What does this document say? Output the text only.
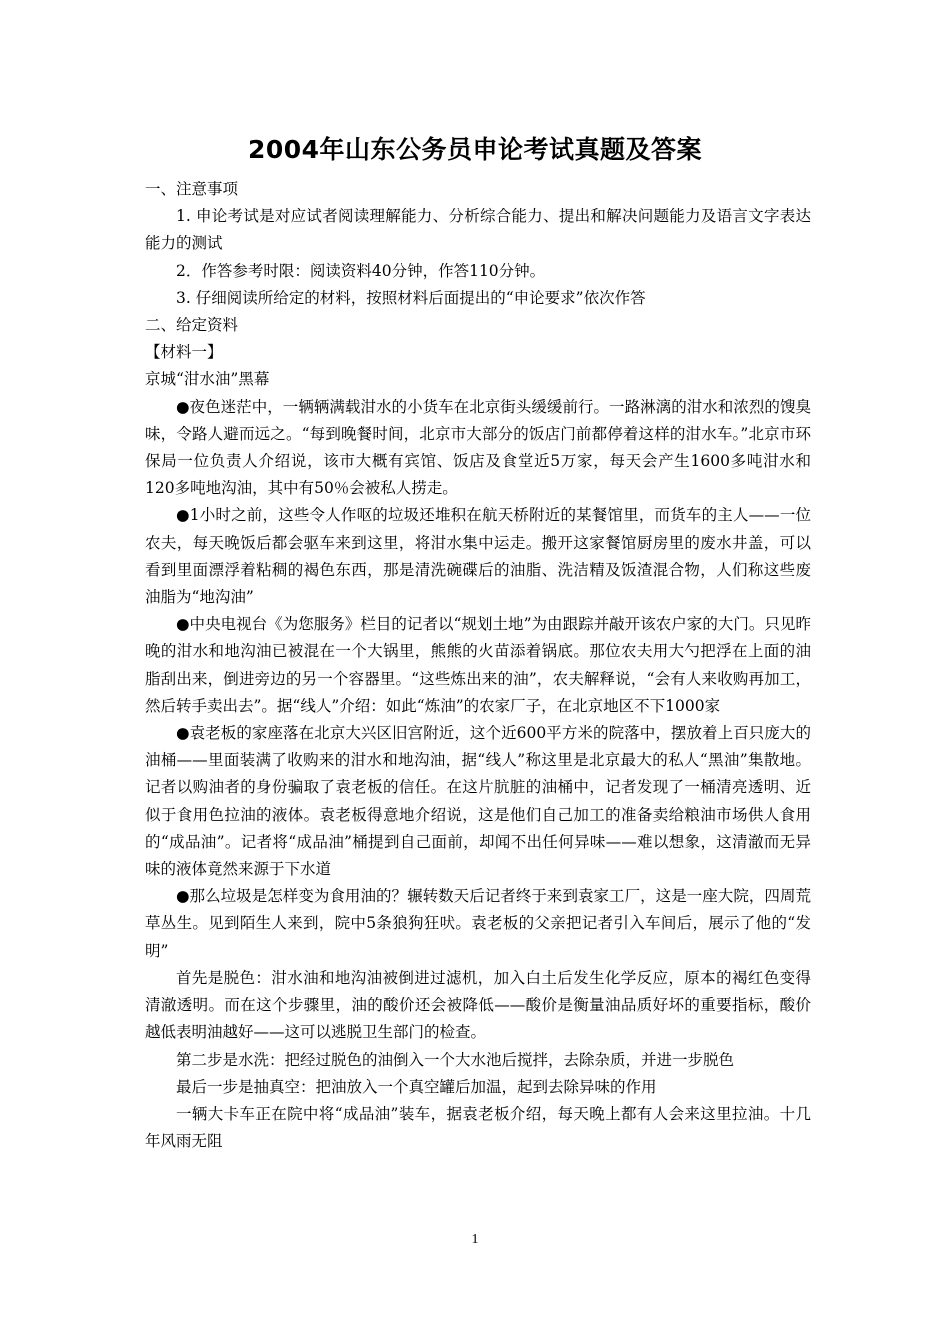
2004年山东公务员申论考试真题及答案

一、注意事项

1. 申论考试是对应试者阅读理解能力、分析综合能力、提出和解决问题能力及语言文字表达能力的测试

2．作答参考时限：阅读资料40分钟，作答110分钟。

3. 仔细阅读所给定的材料，按照材料后面提出的“申论要求”依次作答

二、给定资料

【材料一】

京城“泔水油”黑幕

●夜色迷茫中，一辆辆满载泔水的小货车在北京街头缓缓前行。一路淋漓的泔水和浓烈的馊臭味，令路人避而远之。“每到晚餐时间，北京市大部分的饭店门前都停着这样的泔水车。”北京市环保局一位负责人介绍说，该市大概有宾馆、饭店及食堂近5万家，每天会产生1600多吨泔水和120多吨地沟油，其中有50％会被私人捞走。

●1小时之前，这些令人作呕的垃圾还堆积在航天桥附近的某餐馆里，而货车的主人——一位农夫，每天晚饭后都会驱车来到这里，将泔水集中运走。搬开这家餐馆厨房里的废水井盖，可以看到里面漂浮着粘稠的褐色东西，那是清洗碗碟后的油脂、洗洁精及饭渣混合物，人们称这些废油脂为“地沟油”

●中央电视台《为您服务》栏目的记者以“规划土地”为由跟踪并敲开该农户家的大门。只见昨晚的泔水和地沟油已被混在一个大锅里，熊熊的火苗添着锅底。那位农夫用大勺把浮在上面的油脂刮出来，倒进旁边的另一个容器里。“这些炼出来的油”，农夫解释说，“会有人来收购再加工，然后转手卖出去”。据“线人”介绍：如此“炼油”的农家厂子，在北京地区不下1000家

●袁老板的家座落在北京大兴区旧宫附近，这个近600平方米的院落中，摆放着上百只庞大的油桶——里面装满了收购来的泔水和地沟油，据“线人”称这里是北京最大的私人“黑油”集散地。记者以购油者的身份骗取了袁老板的信任。在这片肮脏的油桶中，记者发现了一桶清亮透明、近似于食用色拉油的液体。袁老板得意地介绍说，这是他们自己加工的准备卖给粮油市场供人食用的“成品油”。记者将“成品油”桶提到自己面前，却闻不出任何异味——难以想象，这清澈而无异味的液体竟然来源于下水道

●那么垃圾是怎样变为食用油的？辗转数天后记者终于来到袁家工厂，这是一座大院，四周荒草丛生。见到陌生人来到，院中5条狼狗狂吠。袁老板的父亲把记者引入车间后，展示了他的“发明”

首先是脱色：泔水油和地沟油被倒进过滤机，加入白土后发生化学反应，原本的褐红色变得清澈透明。而在这个步骤里，油的酸价还会被降低——酸价是衡量油品质好坏的重要指标，酸价越低表明油越好——这可以逃脱卫生部门的检查。

第二步是水洗：把经过脱色的油倒入一个大水池后搅拌，去除杂质，并进一步脱色

最后一步是抽真空：把油放入一个真空罐后加温，起到去除异味的作用

一辆大卡车正在院中将“成品油”装车，据袁老板介绍，每天晚上都有人会来这里拉油。十几年风雨无阻

1
